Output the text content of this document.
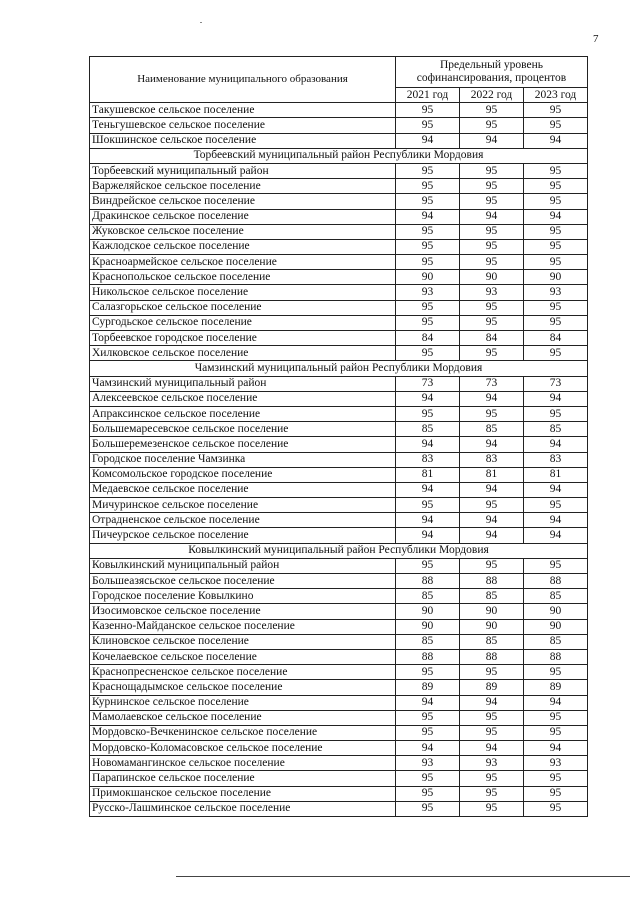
7
Наименование муниципального образования	Предельный уровень софинансирования, процентов		
	2021 год	2022 год	2023 год
Такушевское сельское поселение	95	95	95
Теньгушевское сельское поселение	95	95	95
Шокшинское сельское поселение	94	94	94
Торбеевский муниципальный район Республики Мордовия			
Торбеевский муниципальный район	95	95	95
Варжеляйское сельское поселение	95	95	95
Виндрейское сельское поселение	95	95	95
Дракинское сельское поселение	94	94	94
Жуковское сельское поселение	95	95	95
Кажлодское сельское поселение	95	95	95
Красноармейское сельское поселение	95	95	95
Краснопольское сельское поселение	90	90	90
Никольское сельское поселение	93	93	93
Салазгорьское сельское поселение	95	95	95
Сургодьское сельское поселение	95	95	95
Торбеевское городское поселение	84	84	84
Хилковское сельское поселение	95	95	95
Чамзинский муниципальный район Республики Мордовия			
Чамзинский муниципальный район	73	73	73
Алексеевское сельское поселение	94	94	94
Апраксинское сельское поселение	95	95	95
Большемаресевское сельское поселение	85	85	85
Большеремезенское сельское поселение	94	94	94
Городское поселение Чамзинка	83	83	83
Комсомольское городское поселение	81	81	81
Медаевское сельское поселение	94	94	94
Мичуринское сельское поселение	95	95	95
Отрадненское сельское поселение	94	94	94
Пичеурское сельское поселение	94	94	94
Ковылкинский муниципальный район Республики Мордовия			
Ковылкинский муниципальный район	95	95	95
Большеазясьское сельское поселение	88	88	88
Городское поселение Ковылкино	85	85	85
Изосимовское сельское поселение	90	90	90
Казенно-Майданское сельское поселение	90	90	90
Клиновское сельское поселение	85	85	85
Кочелаевское сельское поселение	88	88	88
Краснопресненское сельское поселение	95	95	95
Краснощадымское сельское поселение	89	89	89
Курнинское сельское поселение	94	94	94
Мамолаевское сельское поселение	95	95	95
Мордовско-Вечкенинское сельское поселение	95	95	95
Мордовско-Коломасовское сельское поселение	94	94	94
Новомамангинское сельское поселение	93	93	93
Парапинское сельское поселение	95	95	95
Примокшанское сельское поселение	95	95	95
Русско-Лашминское сельское поселение	95	95	95
